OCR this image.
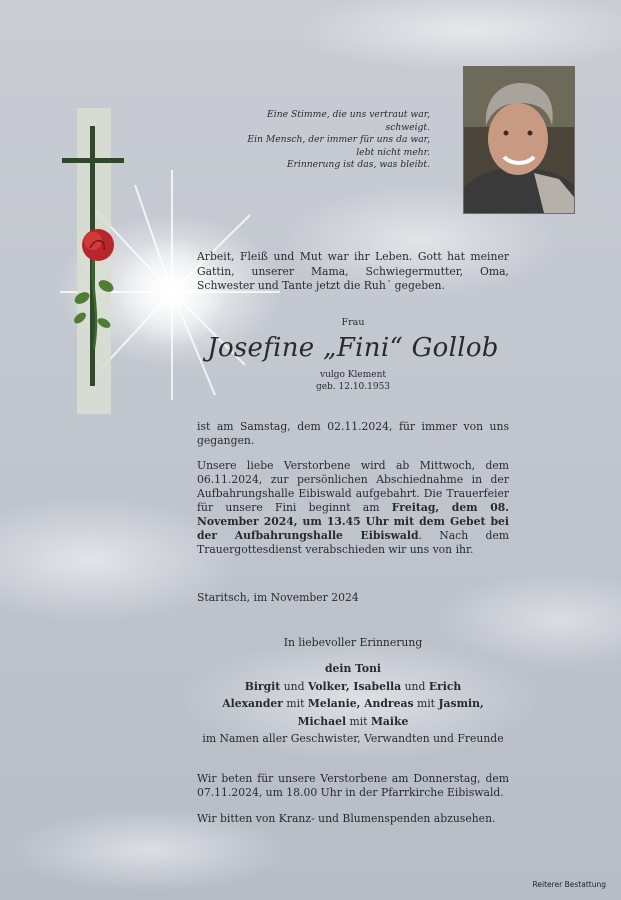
Eine Stimme, die uns vertraut war,
schweigt.
Ein Mensch, der immer für uns da war,
lebt nicht mehr.
Erinnerung ist das, was bleibt.
Arbeit, Fleiß und Mut war ihr Leben. Gott hat meiner Gattin, unserer Mama, Schwiegermutter, Oma, Schwester und Tante jetzt die Ruh´ gegeben.
Frau
Josefine „Fini“ Gollob
vulgo Klement
geb. 12.10.1953
ist am Samstag, dem 02.11.2024, für immer von uns gegangen.
Unsere liebe Verstorbene wird ab Mittwoch, dem 06.11.2024, zur persönlichen Abschiednahme in der Aufbahrungshalle Eibiswald aufgebahrt. Die Trauerfeier für unsere Fini beginnt am Freitag, dem 08. November 2024, um 13.45 Uhr mit dem Gebet bei der Aufbahrungshalle Eibiswald. Nach dem Trauergottesdienst verabschieden wir uns von ihr.
Staritsch, im November 2024
In liebevoller Erinnerung
dein Toni
Birgit und Volker, Isabella und Erich
Alexander mit Melanie, Andreas mit Jasmin,
Michael mit Maike
im Namen aller Geschwister, Verwandten und Freunde
Wir beten für unsere Verstorbene am Donnerstag, dem 07.11.2024, um 18.00 Uhr in der Pfarrkirche Eibiswald.
Wir bitten von Kranz- und Blumenspenden abzusehen.
Reiterer Bestattung
